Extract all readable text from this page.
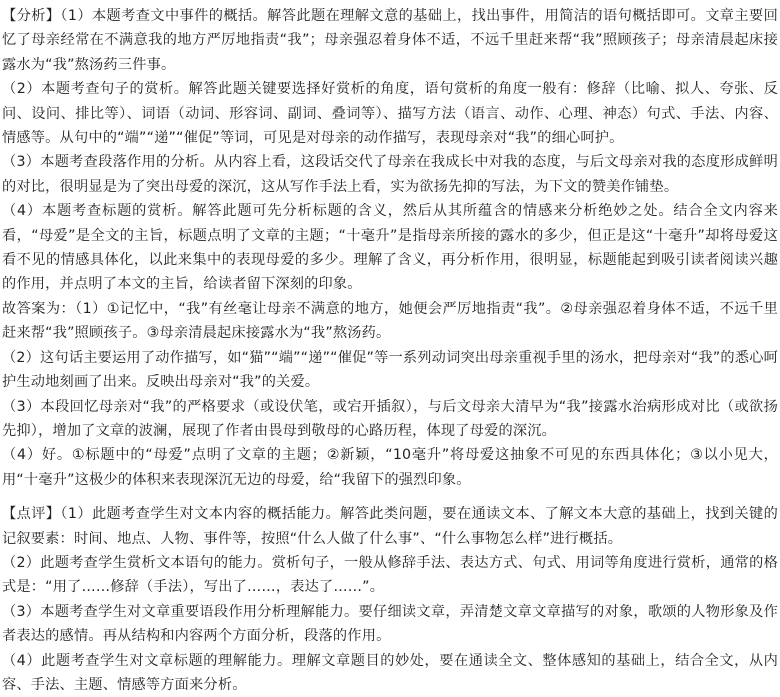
【分析】（1）本题考查文中事件的概括。解答此题在理解文意的基础上，找出事件，用简洁的语句概括即可。文章主要回忆了母亲经常在不满意我的地方严厉地指责“我”；母亲强忍着身体不适，不远千里赶来帮“我”照顾孩子；母亲清晨起床接露水为“我”熬汤药三件事。

（2）本题考查句子的赏析。解答此题关键要选择好赏析的角度，语句赏析的角度一般有：修辞（比喻、拟人、夸张、反问、设问、排比等）、词语（动词、形容词、副词、叠词等）、描写方法（语言、动作、心理、神态）句式、手法、内容、情感等。从句中的“端”“递”“催促”等词，可见是对母亲的动作描写，表现母亲对“我”的细心呵护。

（3）本题考查段落作用的分析。从内容上看，这段话交代了母亲在我成长中对我的态度，与后文母亲对我的态度形成鲜明的对比，很明显是为了突出母爱的深沉，这从写作手法上看，实为欲扬先抑的写法，为下文的赞美作铺垫。

（4）本题考查标题的赏析。解答此题可先分析标题的含义，然后从其所蕴含的情感来分析绝妙之处。结合全文内容来看，“母爱”是全文的主旨，标题点明了文章的主题；“十毫升”是指母亲所接的露水的多少，但正是这“十毫升”却将母爱这看不见的情感具体化，以此来集中的表现母爱的多少。理解了含义，再分析作用，很明显，标题能起到吸引读者阅读兴趣的作用，并点明了本文的主旨，给读者留下深刻的印象。

故答案为：（1）①记忆中，“我”有丝毫让母亲不满意的地方，她便会严厉地指责“我”。②母亲强忍着身体不适，不远千里赶来帮“我”照顾孩子。③母亲清晨起床接露水为“我”熬汤药。

（2）这句话主要运用了动作描写，如“猫”“端”“递”“催促”等一系列动词突出母亲重视手里的汤水，把母亲对“我”的悉心呵护生动地刻画了出来。反映出母亲对“我”的关爱。

（3）本段回忆母亲对“我”的严格要求（或设伏笔，或宕开插叙），与后文母亲大清早为“我”接露水治病形成对比（或欲扬先抑），增加了文章的波澜，展现了作者由畏母到敬母的心路历程，体现了母爱的深沉。

（4）好。①标题中的“母爱”点明了文章的主题；②新颖，“10毫升”将母爱这抽象不可见的东西具体化；③以小见大，用“十毫升”这极少的体积来表现深沉无边的母爱，给“我留下的强烈印象。

【点评】（1）此题考查学生对文本内容的概括能力。解答此类问题，要在通读文本、了解文本大意的基础上，找到关键的记叙要素：时间、地点、人物、事件等，按照“什么人做了什么事”、“什么事物怎么样”进行概括。

（2）此题考查学生赏析文本语句的能力。赏析句子，一般从修辞手法、表达方式、句式、用词等角度进行赏析，通常的格式是：“用了……修辞（手法），写出了……，表达了……”。

（3）本题考查学生对文章重要语段作用分析理解能力。要仔细读文章，弄清楚文章文章描写的对象，歌颂的人物形象及作者表达的感情。再从结构和内容两个方面分析，段落的作用。

（4）此题考查学生对文章标题的理解能力。理解文章题目的妙处，要在通读全文、整体感知的基础上，结合全文，从内容、手法、主题、情感等方面来分析。
